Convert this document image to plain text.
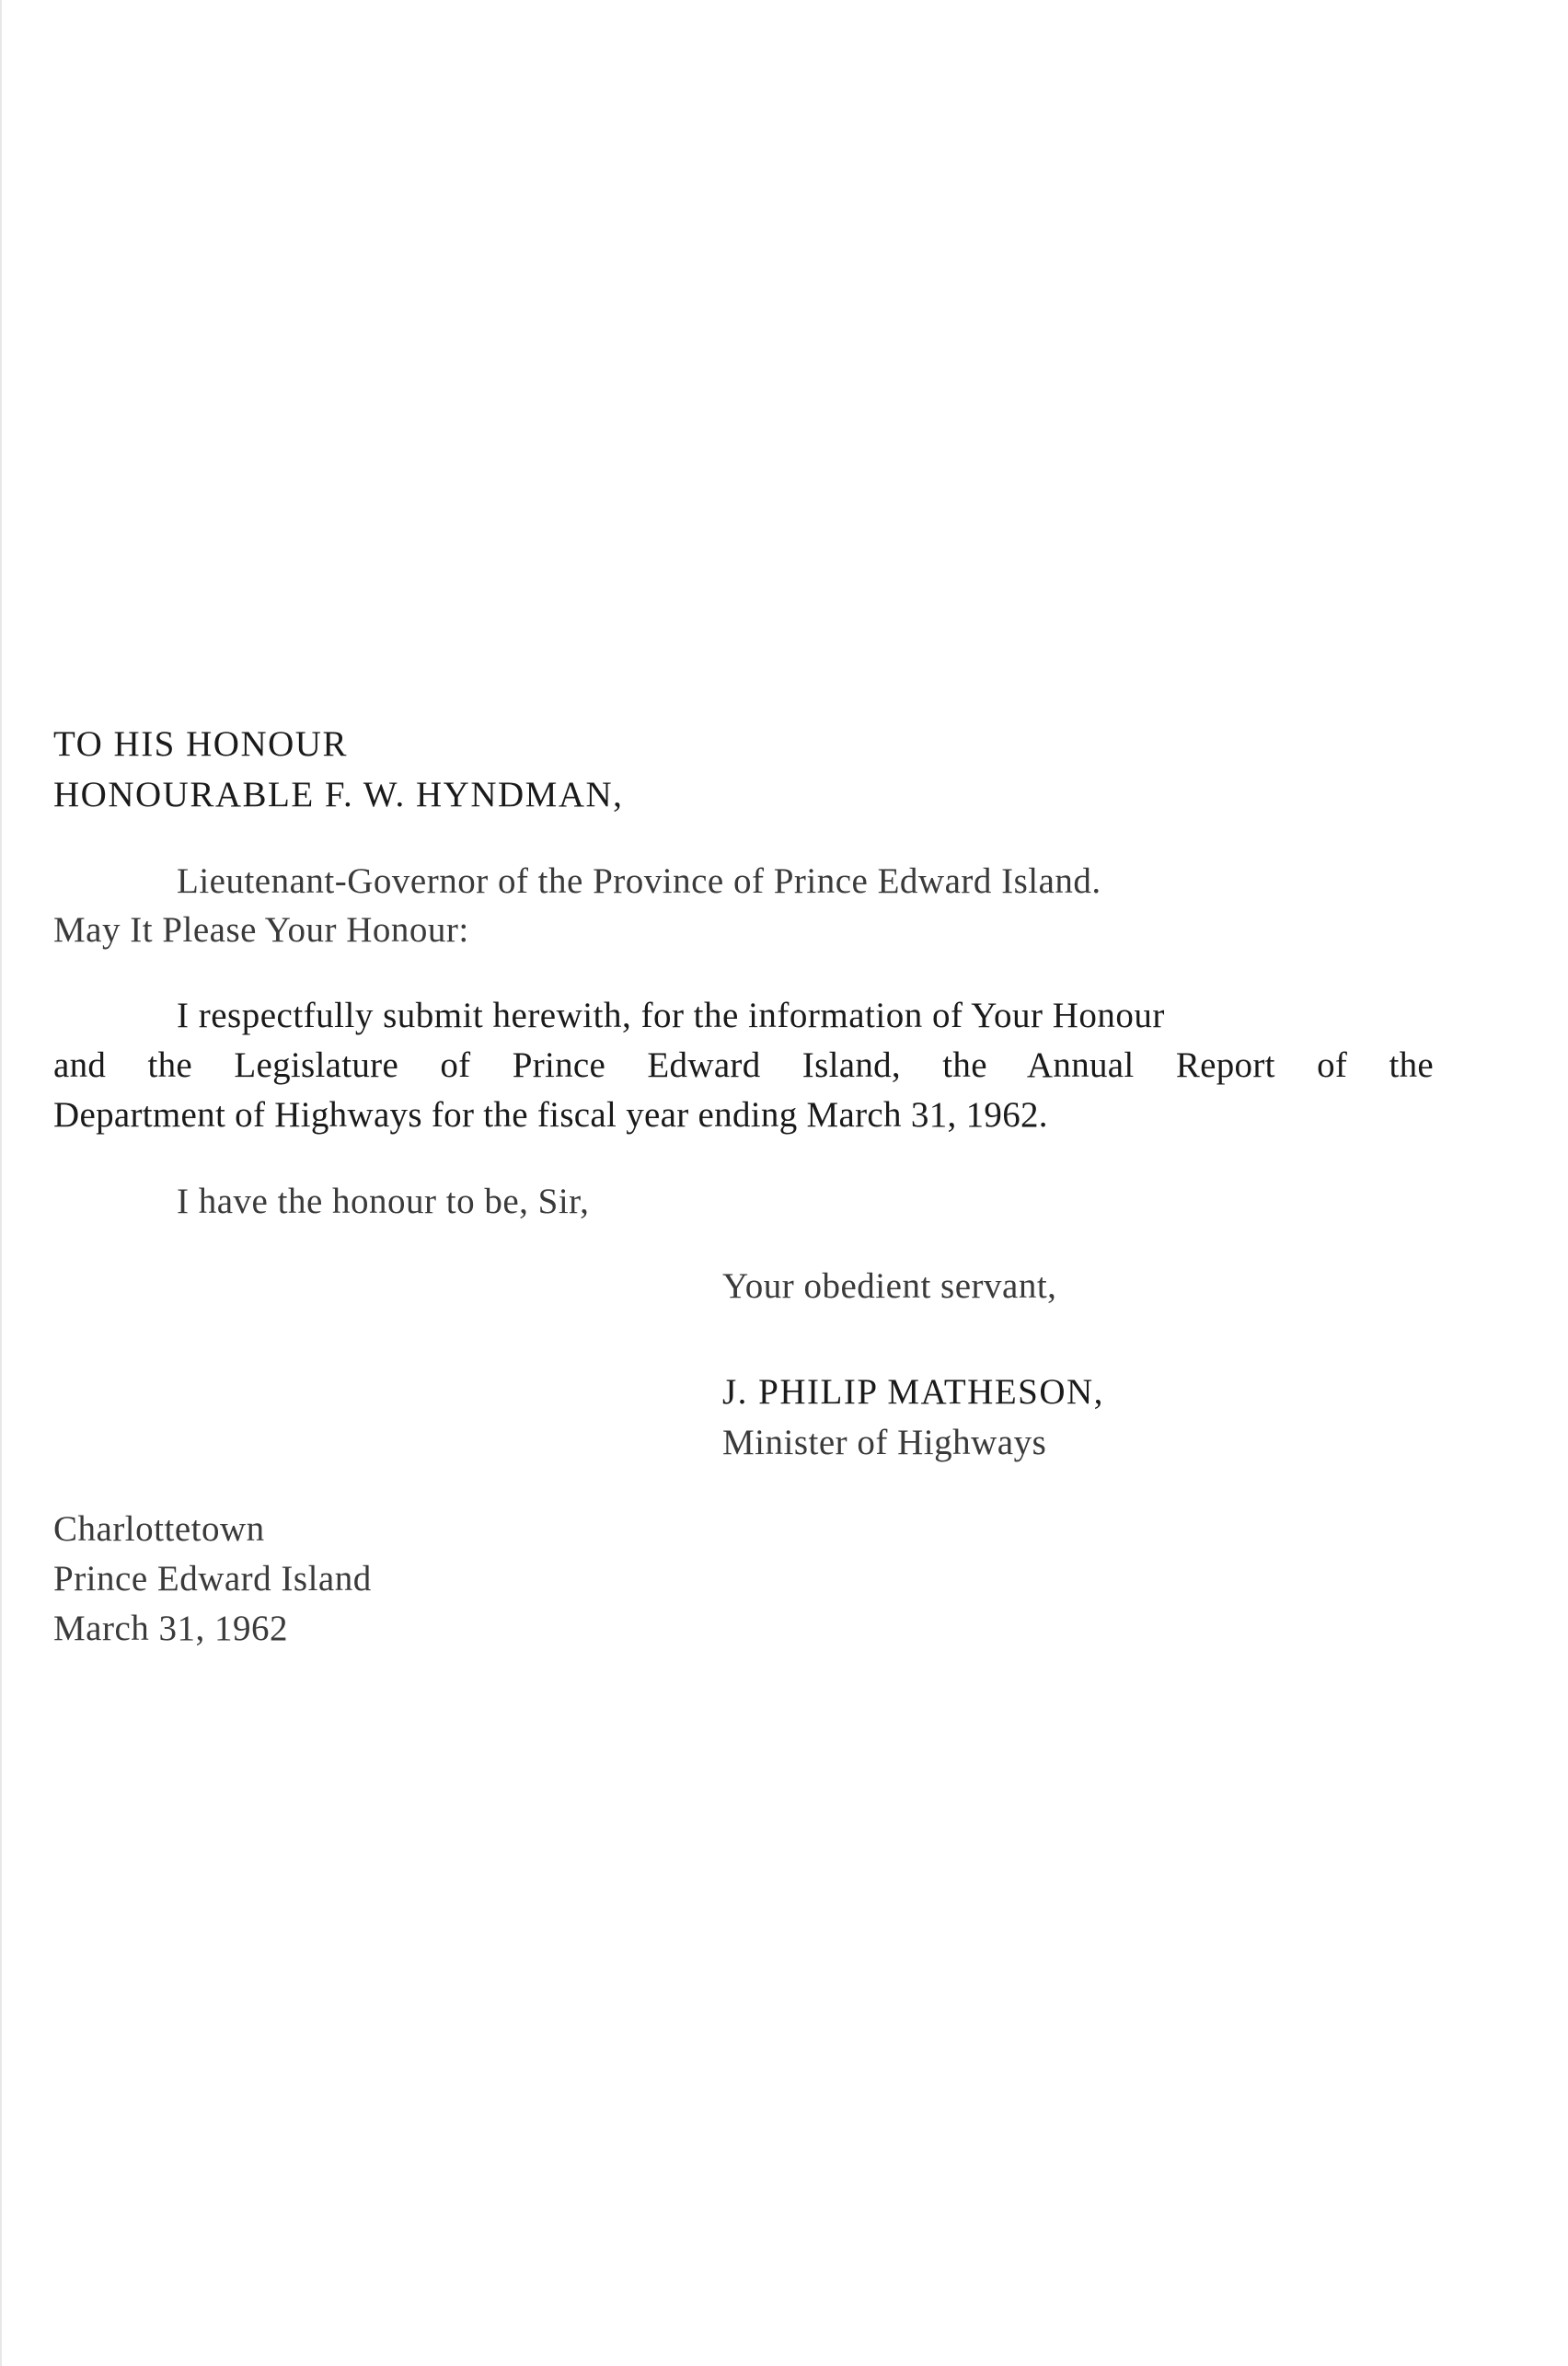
TO HIS HONOUR
HONOURABLE F. W. HYNDMAN,
Lieutenant-Governor of the Province of Prince Edward Island.
May It Please Your Honour:
I respectfully submit herewith, for the information of Your Honour
and the Legislature of Prince Edward Island, the Annual Report of the
Department of Highways for the fiscal year ending March 31, 1962.
I have the honour to be, Sir,
Your obedient servant,
J. PHILIP MATHESON,
Minister of Highways
Charlottetown
Prince Edward Island
March 31, 1962
